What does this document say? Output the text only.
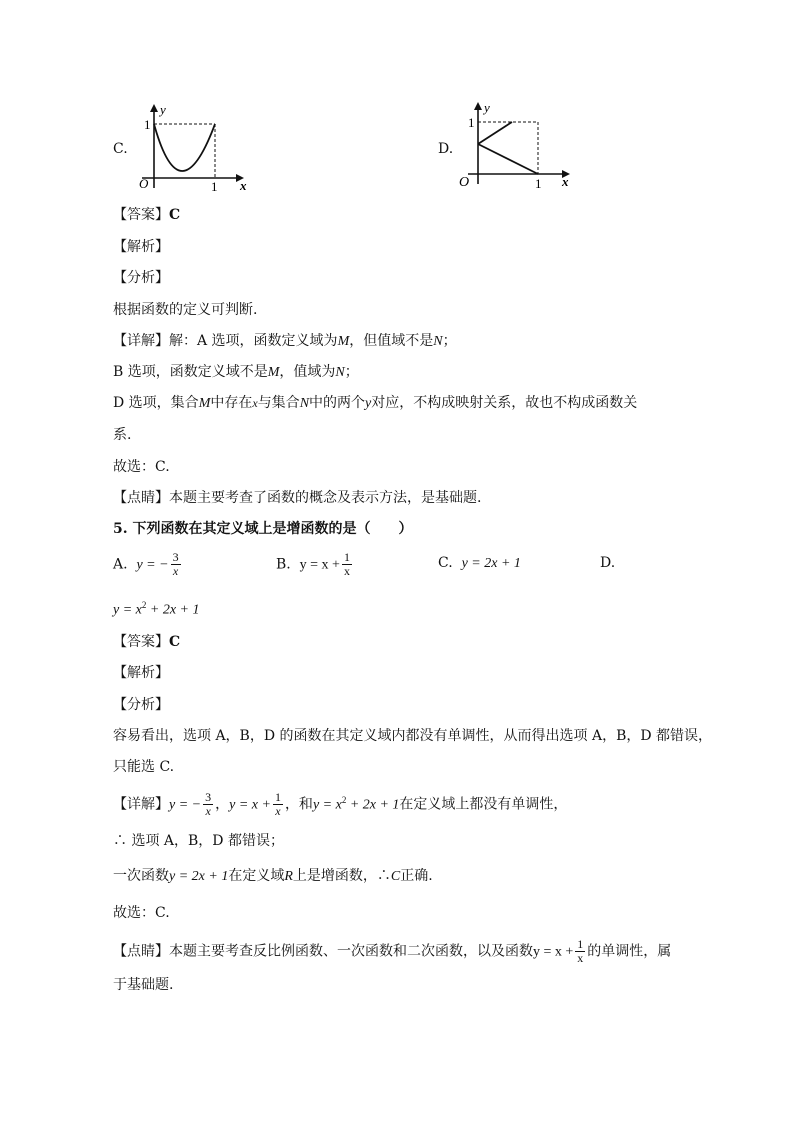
C.
y
x
O
1
1
D.
y
x
O
1
1
【答案】C
【解析】
【分析】
根据函数的定义可判断.
【详解】解：A 选项，函数定义域为M，但值域不是N；
B 选项，函数定义域不是M，值域为N；
D 选项，集合M中存在x与集合N中的两个y对应，不构成映射关系，故也不构成函数关
系.
故选：C.
【点睛】本题主要考查了函数的概念及表示方法，是基础题.
5. 下列函数在其定义域上是增函数的是（　　）
A. y = − $\frac{3}{x}$	B. $y = x + \frac{1}{x}$	C. y = 2x + 1	D.
$y = x^2 + 2x + 1$
【答案】C
【解析】
【分析】
容易看出，选项 A，B，D 的函数在其定义域内都没有单调性，从而得出选项 A，B，D 都错误，
只能选 C.
【详解】y = − $\frac{3}{x}$ ，$y = x + \frac{1}{x}$ ，和$y = x^2 + 2x + 1$在定义域上都没有单调性，
∴ 选项 A，B，D 都错误；
一次函数y = 2x + 1在定义域R上是增函数，∴C正确.
故选：C.
【点睛】本题主要考查反比例函数、一次函数和二次函数，以及函数$y = x + \frac{1}{x}$ 的单调性，属
于基础题.
